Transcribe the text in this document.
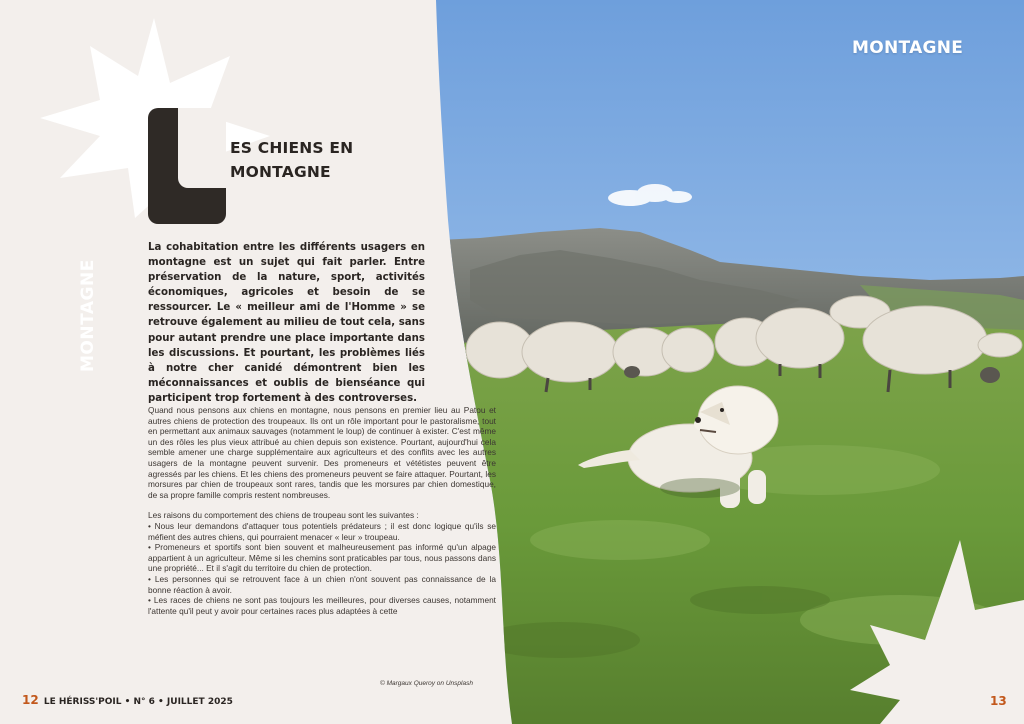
ES CHIENS EN
MONTAGNE
MONTAGNE
La cohabitation entre les différents usagers en montagne est un sujet qui fait parler. Entre préservation de la nature, sport, activités économiques, agricoles et besoin de se ressourcer. Le « meilleur ami de l'Homme » se retrouve également au milieu de tout cela, sans pour autant prendre une place importante dans les discussions. Et pourtant, les problèmes liés à notre cher canidé démontrent bien les méconnaissances et oublis de bienséance qui participent trop fortement à des controverses.

Quand nous pensons aux chiens en montagne, nous pensons en premier lieu au Patou et autres chiens de protection des troupeaux. Ils ont un rôle important pour le pastoralisme, tout en permettant aux animaux sauvages (notamment le loup) de continuer à exister. C'est même un des rôles les plus vieux attribué au chien depuis son existence. Pourtant, aujourd'hui cela semble amener une charge supplémentaire aux agriculteurs et des conflits avec les autres usagers de la montagne peuvent survenir. Des promeneurs et vététistes peuvent être agressés par les chiens. Et les chiens des promeneurs peuvent se faire attaquer. Pourtant, les morsures par chien de troupeaux sont rares, tandis que les morsures par chien domestique, de sa propre famille compris restent nombreuses.

Les raisons du comportement des chiens de troupeau sont les suivantes :
• Nous leur demandons d'attaquer tous potentiels prédateurs ; il est donc logique qu'ils se méfient des autres chiens, qui pourraient menacer « leur » troupeau.
• Promeneurs et sportifs sont bien souvent et malheureusement pas informé qu'un alpage appartient à un agriculteur. Même si les chemins sont praticables par tous, nous passons dans une propriété... Et il s'agit du territoire du chien de protection.
• Les personnes qui se retrouvent face à un chien n'ont souvent pas connaissance de la bonne réaction à avoir.
• Les races de chiens ne sont pas toujours les meilleures, pour diverses causes, notamment l'attente qu'il peut y avoir pour certaines races plus adaptées à cette
© Margaux Queroy on Unsplash
MONTAGNE
12 LE HÉRISS'POIL • N° 6 • JUILLET 2025	13
